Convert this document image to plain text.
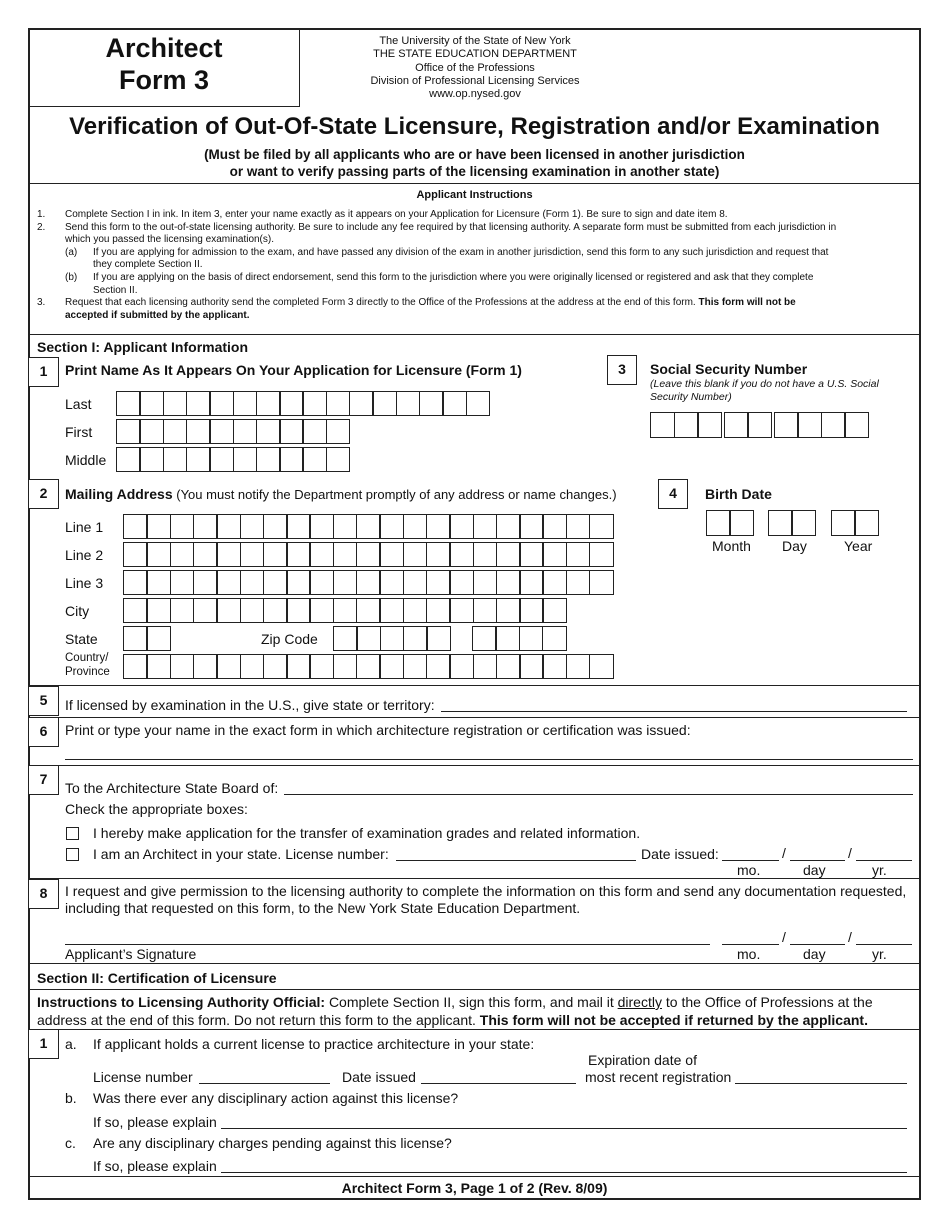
Architect
Form 3
The University of the State of New York
THE STATE EDUCATION DEPARTMENT
Office of the Professions
Division of Professional Licensing Services
www.op.nysed.gov
Verification of Out-Of-State Licensure, Registration and/or Examination
(Must be filed by all applicants who are or have been licensed in another jurisdiction
or want to verify passing parts of the licensing examination in another state)
Applicant Instructions
1. Complete Section I in ink. In item 3, enter your name exactly as it appears on your Application for Licensure (Form 1). Be sure to sign and date item 8.
2. Send this form to the out-of-state licensing authority. Be sure to include any fee required by that licensing authority. A separate form must be submitted from each jurisdiction in
which you passed the licensing examination(s).
(a) If you are applying for admission to the exam, and have passed any division of the exam in another jurisdiction, send this form to any such jurisdiction and request that
they complete Section II.
(b) If you are applying on the basis of direct endorsement, send this form to the jurisdiction where you were originally licensed or registered and ask that they complete
Section II.
3. Request that each licensing authority send the completed Form 3 directly to the Office of the Professions at the address at the end of this form. This form will not be
accepted if submitted by the applicant.
Section I: Applicant Information
1	Print Name As It Appears On Your Application for Licensure (Form 1)
Last
First
Middle
3	Social Security Number
(Leave this blank if you do not have a U.S. Social
Security Number)
2	Mailing Address (You must notify the Department promptly of any address or name changes.)
Line 1
Line 2
Line 3
City
State	Zip Code
Country/
Province
4	Birth Date
Month Day	Year
5	If licensed by examination in the U.S., give state or territory:
6	Print or type your name in the exact form in which architecture registration or certification was issued:
7
To the Architecture State Board of:
Check the appropriate boxes:
I hereby make application for the transfer of examination grades and related information.
I am an Architect in your state. License number:	Date issued:	/	/
mo.	day	yr.
8	I request and give permission to the licensing authority to complete the information on this form and send any documentation requested,
including that requested on this form, to the New York State Education Department.
Applicant’s Signature
/	/
mo.	day	yr.
Section II: Certification of Licensure
Instructions to Licensing Authority Official: Complete Section II, sign this form, and mail it directly to the Office of Professions at the
address at the end of this form. Do not return this form to the applicant. This form will not be accepted if returned by the applicant.
1	a. If applicant holds a current license to practice architecture in your state:
Expiration date of
License number	Date issued	most recent registration
b. Was there ever any disciplinary action against this license?
If so, please explain
c. Are any disciplinary charges pending against this license?
If so, please explain
Architect Form 3, Page 1 of 2 (Rev. 8/09)
